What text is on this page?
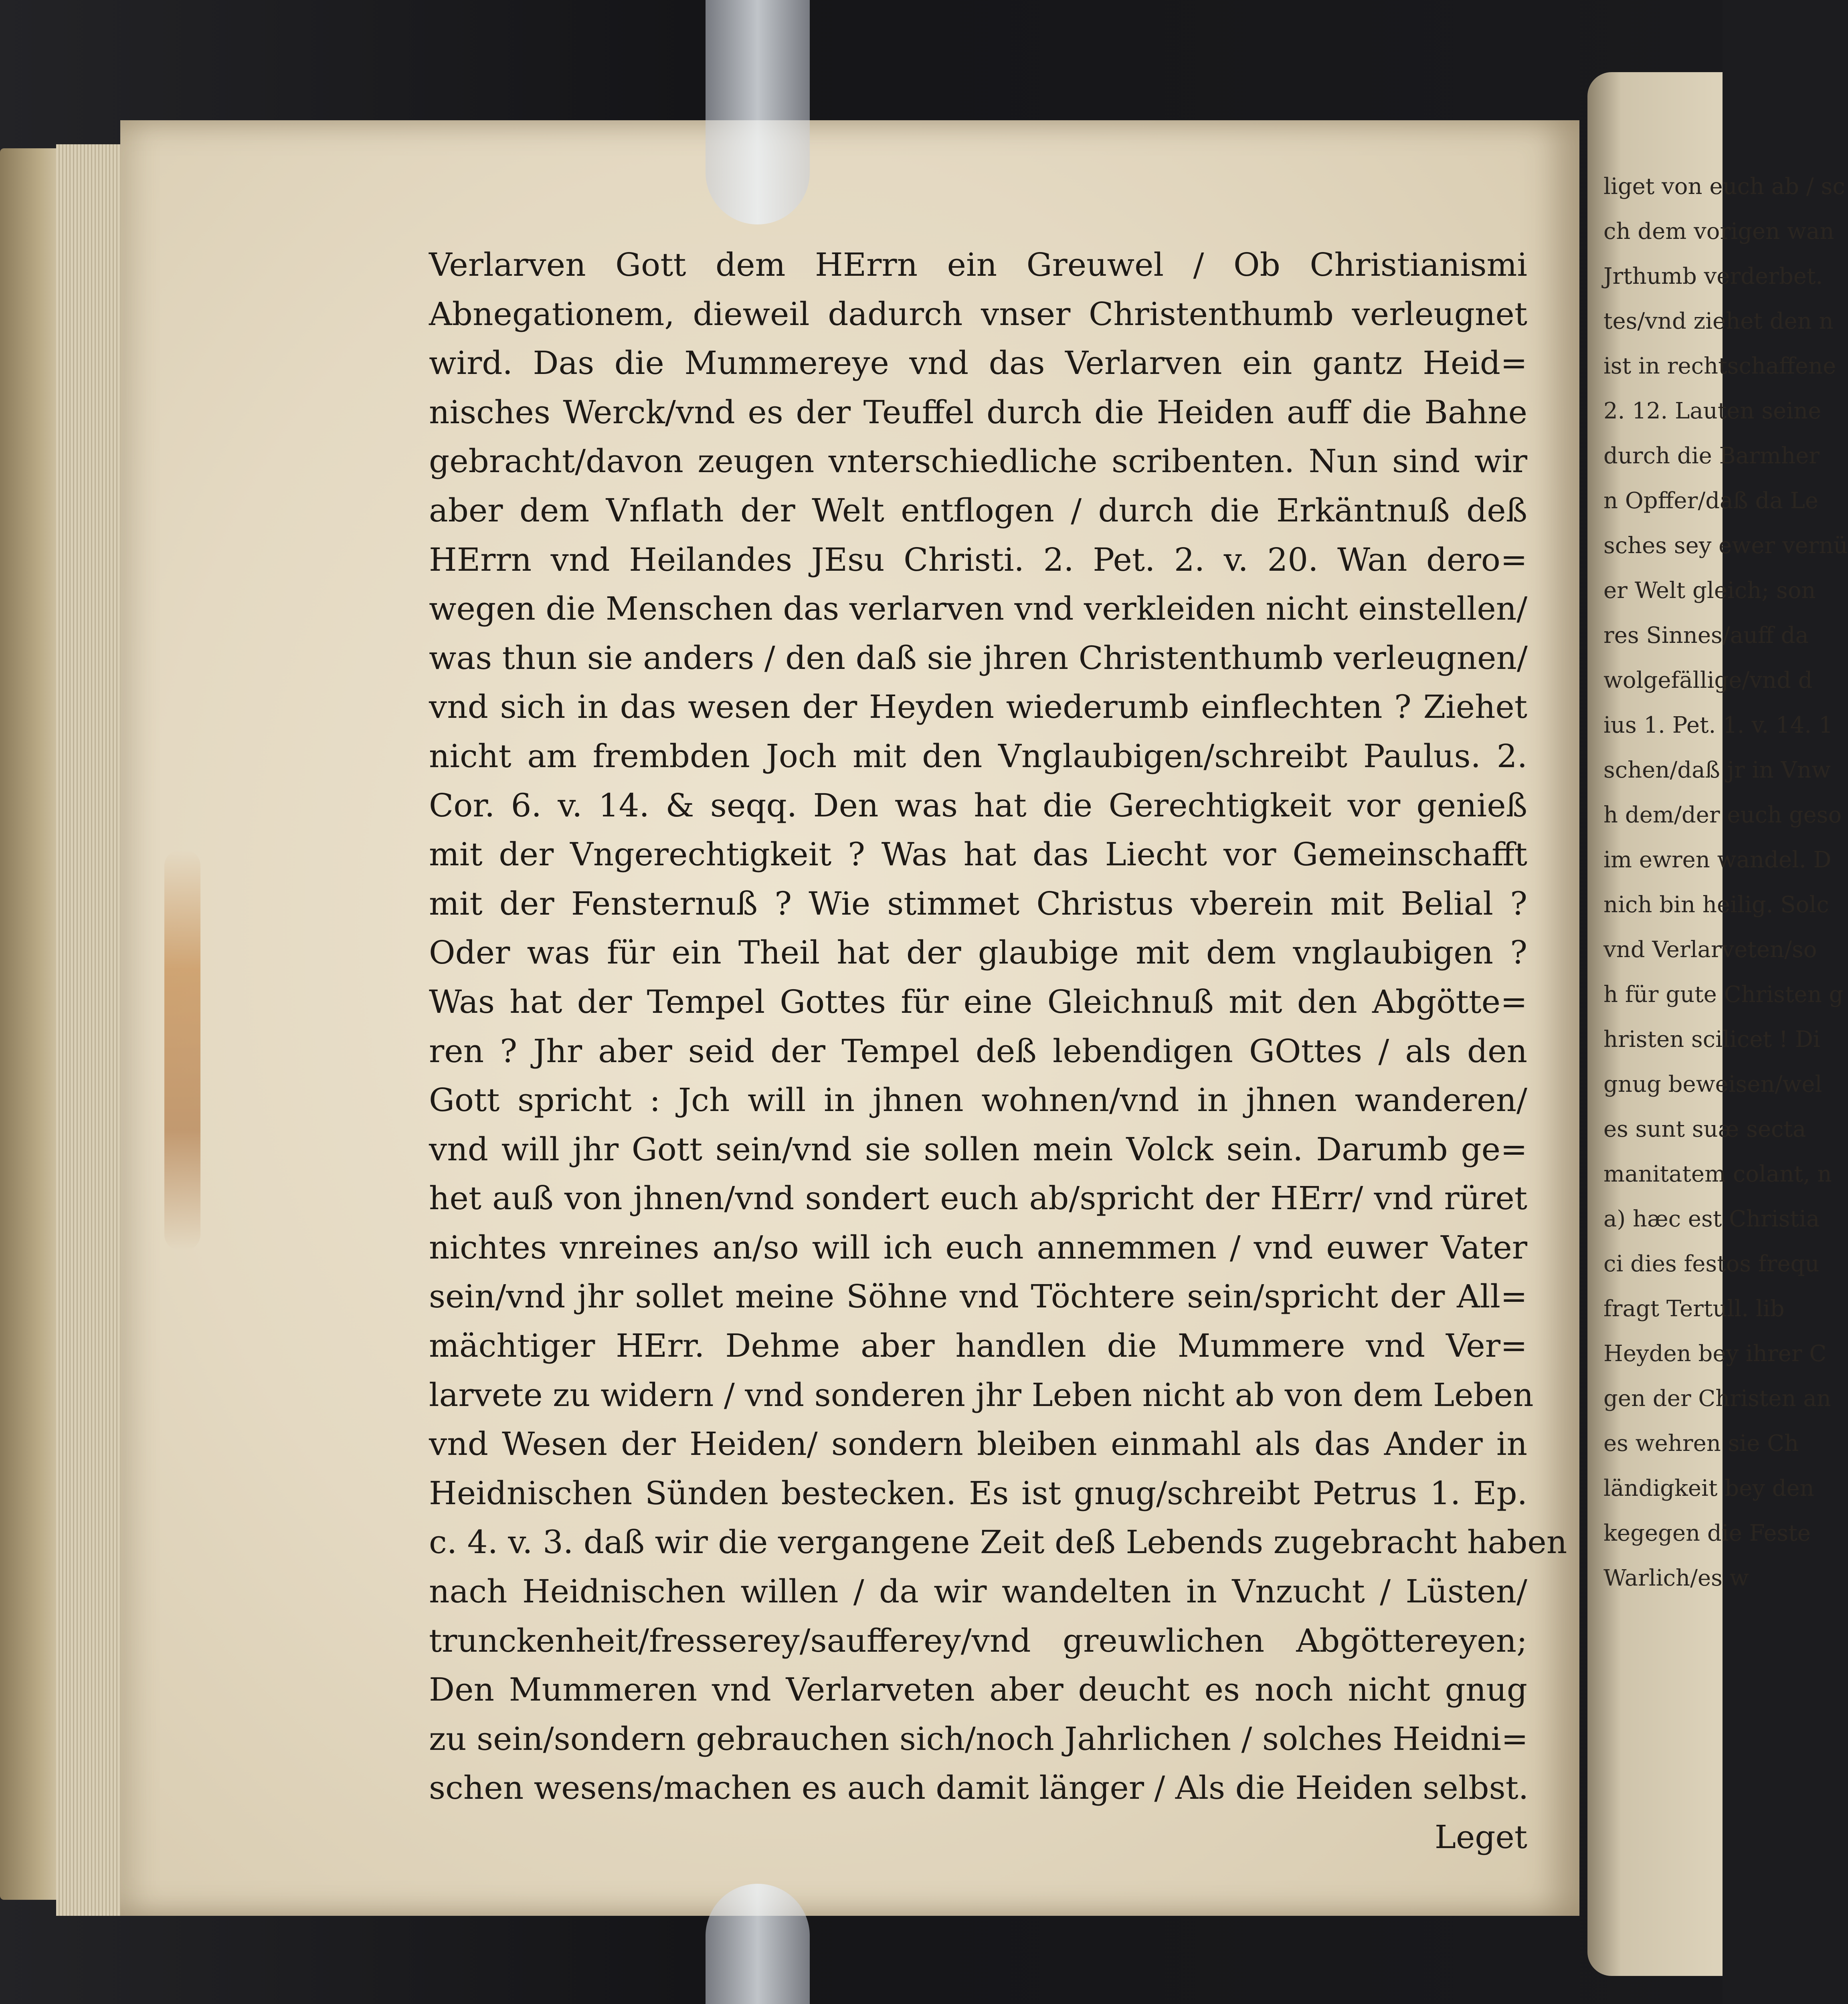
liget von euch ab / sc
ch dem vorigen wan
Jrthumb verderbet.
tes/vnd ziehet den n
ist in rechtschaffene
2. 12. Lauten seine
durch die Barmher
n Opffer/daß da Le
sches sey ewer vernü
er Welt gleich; son
res Sinnes/auff da
wolgefällige/vnd d
ius 1. Pet. 1. v. 14. 1
schen/daß jr in Vnw
h dem/der euch geso
im ewren wandel. D
nich bin heilig. Solc
vnd Verlarveten/so
h für gute Christen g
hristen scilicet ! Di
gnug beweisen/wel
es sunt suæ secta
manitatem colant, n
a) hæc est Christia
ci dies festos frequ
fragt Tertull. lib
Heyden bey ihrer C
gen der Christen an
es wehren sie Ch
ländigkeit bey den
kegegen die Feste
Warlich/es w
Verlarven Gott dem HErrn ein Greuwel / Ob Christianismi
Abnegationem, dieweil dadurch vnser Christenthumb verleugnet
wird. Das die Mummereye vnd das Verlarven ein gantz Heid=
nisches Werck/vnd es der Teuffel durch die Heiden auff die Bahne
gebracht/davon zeugen vnterschiedliche scribenten. Nun sind wir
aber dem Vnflath der Welt entflogen / durch die Erkäntnuß deß
HErrn vnd Heilandes JEsu Christi. 2. Pet. 2. v. 20. Wan dero=
wegen die Menschen das verlarven vnd verkleiden nicht einstellen/
was thun sie anders / den daß sie jhren Christenthumb verleugnen/
vnd sich in das wesen der Heyden wiederumb einflechten ? Ziehet
nicht am frembden Joch mit den Vnglaubigen/schreibt Paulus. 2.
Cor. 6. v. 14. & seqq. Den was hat die Gerechtigkeit vor genieß
mit der Vngerechtigkeit ? Was hat das Liecht vor Gemeinschafft
mit der Fensternuß ? Wie stimmet Christus vberein mit Belial ?
Oder was für ein Theil hat der glaubige mit dem vnglaubigen ?
Was hat der Tempel Gottes für eine Gleichnuß mit den Abgötte=
ren ? Jhr aber seid der Tempel deß lebendigen GOttes / als den
Gott spricht : Jch will in jhnen wohnen/vnd in jhnen wanderen/
vnd will jhr Gott sein/vnd sie sollen mein Volck sein. Darumb ge=
het auß von jhnen/vnd sondert euch ab/spricht der HErr/ vnd rüret
nichtes vnreines an/so will ich euch annemmen / vnd euwer Vater
sein/vnd jhr sollet meine Söhne vnd Töchtere sein/spricht der All=
mächtiger HErr. Dehme aber handlen die Mummere vnd Ver=
larvete zu widern / vnd sonderen jhr Leben nicht ab von dem Leben
vnd Wesen der Heiden/ sondern bleiben einmahl als das Ander in
Heidnischen Sünden bestecken. Es ist gnug/schreibt Petrus 1. Ep.
c. 4. v. 3. daß wir die vergangene Zeit deß Lebends zugebracht haben
nach Heidnischen willen / da wir wandelten in Vnzucht / Lüsten/
trunckenheit/fresserey/saufferey/vnd greuwlichen Abgöttereyen;
Den Mummeren vnd Verlarveten aber deucht es noch nicht gnug
zu sein/sondern gebrauchen sich/noch Jahrlichen / solches Heidni=
schen wesens/machen es auch damit länger / Als die Heiden selbst.
Leget
